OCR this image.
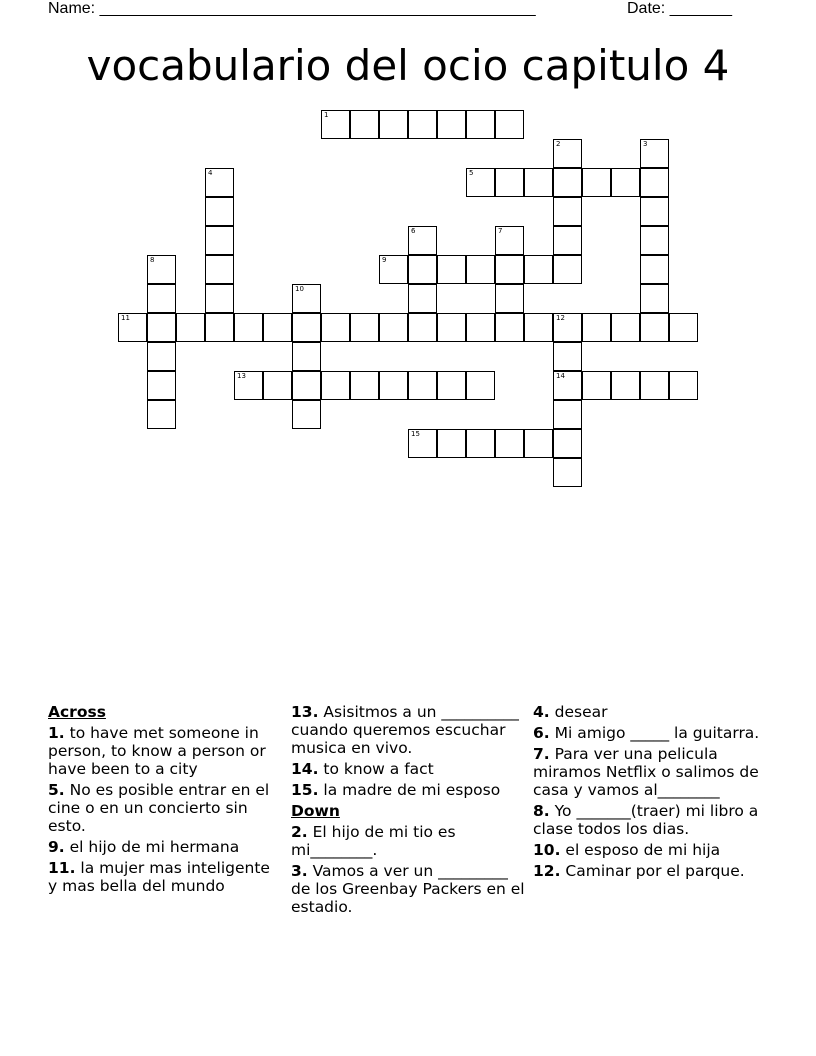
Name: _________________________________________________	Date: _______
vocabulario del ocio capitulo 4
1
2	3
4	5
6	7
8	9
10
11	12
14
13
15
Across
1. to have met someone in person, to know a person or have been to a city
5. No es posible entrar en el cine o en un concierto sin esto.
9. el hijo de mi hermana
11. la mujer mas inteligente y mas bella del mundo
13. Asisitmos a un __________ cuando queremos escuchar musica en vivo.
14. to know a fact
15. la madre de mi esposo
Down
2. El hijo de mi tio es mi________.
3. Vamos a ver un _________ de los Greenbay Packers en el estadio.
4. desear
6. Mi amigo _____ la guitarra.
7. Para ver una pelicula miramos Netflix o salimos de casa y vamos al________
8. Yo _______(traer) mi libro a clase todos los dias.
10. el esposo de mi hija
12. Caminar por el parque.
